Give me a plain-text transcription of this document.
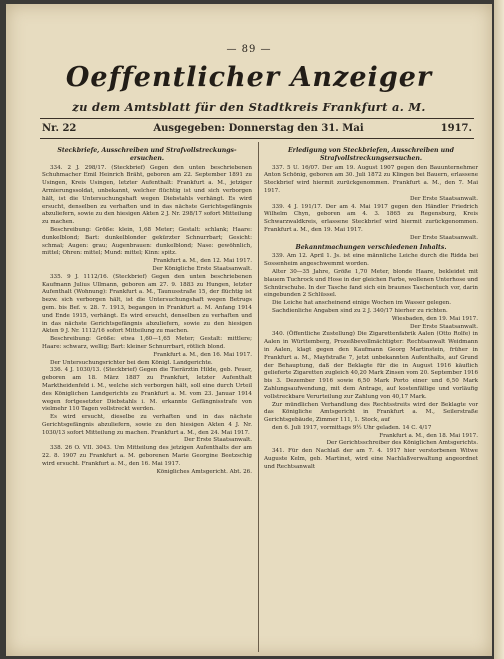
— 89 —
Oeffentlicher Anzeiger
zu dem Amtsblatt für den Stadtkreis Frankfurt a. M.
Nr. 22	Ausgegeben: Donnerstag den 31. Mai	1917.

Steckbriefe, Ausschreiben und Strafvollstreckungs- ersuchen.

334. 2 J. 298/17. (Steckbrief) Gegen den unten beschriebenen Schuhmacher Emil Heinrich Bräht, geboren am 22. September 1891 zu Usingen, Kreis Usingen, letzter Aufenthalt: Frankfurt a. M., jetziger Armierungssoldat, unbekannt, welcher flüchtig ist und sich verborgen hält, ist die Untersuchungshaft wegen Diebstahls verhängt. Es wird ersucht, denselben zu verhaften und in das nächste Gerichtsgefängnis abzuliefern, sowie zu den hiesigen Akten 2 J. Nr. 298/17 sofort Mitteilung zu machen.

Beschreibung: Größe: klein, 1,68 Meter; Gestalt: schlank; Haare: dunkelblond; Bart: dunkelblonder gekürzter Schnurrbart; Gesicht: schmal; Augen: grau; Augenbrauen: dunkelblond; Nase: gewöhnlich, mittel; Ohren: mittel; Mund: mittel; Kinn: spitz.

Frankfurt a. M., den 12. Mai 1917.

Der Königliche Erste Staatsanwalt.

335. 9 J. 1112/16. (Steckbrief) Gegen den unten beschriebenen Kaufmann Julius Ullmann, geboren am 27. 9. 1883 zu Hungen, letzter Aufenthalt (Wohnung): Frankfurt a. M., Taunusstraße 15, der flüchtig ist bezw. sich verborgen hält, ist die Untersuchungshaft wegen Betrugs gem. bis Bef. v. 28. 7. 1913, begangen in Frankfurt a. M. Anfang 1914 und Ende 1915, verhängt. Es wird ersucht, denselben zu verhaften und in das nächste Gerichtsgefängnis abzuliefern, sowie zu den hiesigen Akten 9 J. Nr. 1112/16 sofort Mitteilung zu machen.

Beschreibung: Größe: etwa 1,60—1,65 Meter; Gestalt: mittlere; Haare: schwarz, wellig; Bart: kleiner Schnurrbart, rötlich blond.

Frankfurt a. M., den 16. Mai 1917.

Der Untersuchungsrichter bei dem Königl. Landgerichte.

336. 4 J. 1030/13. (Steckbrief) Gegen die Tierärztin Hilde, geb. Feuer, geboren am 18. März 1887 zu Frankfurt, letzter Aufenthalt Marktheidenfeld i. M., welche sich verborgen hält, soll eine durch Urteil des Königlichen Landgerichts zu Frankfurt a. M. vom 23. Januar 1914 wegen fortgesetzter Diebstahls i. M. erkannte Gefängnisstrafe von vielmehr 110 Tagen vollstreckt werden.

Es wird ersucht, dieselbe zu verhaften und in das nächste Gerichtsgefängnis abzuliefern, sowie zu den hiesigen Akten 4 J. Nr. 1030/13 sofort Mitteilung zu machen. Frankfurt a. M., den 24. Mai 1917.

Der Erste Staatsanwalt.

338. 26 O. VII. 3043. Um Mitteilung des jetzigen Aufenthalts der am 22. 8. 1907 zu Frankfurt a. M. geborenen Marie Georgine Beetzschig wird ersucht. Frankfurt a. M., den 16. Mai 1917.

Königliches Amtsgericht. Abt. 26.

Erledigung von Steckbriefen, Ausschreiben und Strafvollstreckungsersuchen.

337. 5 U. 16/07. Der am 19. August 1907 gegen den Bauunternehmer Anton Schönig, geboren am 30. Juli 1872 zu Klingen bei Bauern, erlassene Steckbrief wird hiermit zurückgenommen. Frankfurt a. M., den 7. Mai 1917.

Der Erste Staatsanwalt.

339. 4 J. 191/17. Der am 4. Mai 1917 gegen den Händler Friedrich Wilhelm Chyn, geboren am 4. 3. 1865 zu Regensburg, Kreis Schwarzwaldkreis, erlassene Steckbrief wird hiermit zurückgenommen. Frankfurt a. M., den 19. Mai 1917.

Der Erste Staatsanwalt.

Bekanntmachungen verschiedenen Inhalts.

339. Am 12. April 1. Js. ist eine männliche Leiche durch die Ridda bei Sossenheim angeschwemmt worden.

Alter 30—35 Jahre, Größe 1,70 Meter, blonde Haare, bekleidet mit blauem Tuchrock und Hose in der gleichen Farbe, wollenen Unterhose und Schnürschuhe. In der Tasche fand sich ein braunes Taschentuch vor, darin eingebunden 2 Schlüssel.

Die Leiche hat anscheinend einige Wochen im Wasser gelegen.

Sachdienliche Angaben sind zu 2 J. 340/17 hierher zu richten.

Wiesbaden, den 19. Mai 1917.

Der Erste Staatsanwalt.

340. (Öffentliche Zustellung) Die Zigarettenfabrik Aalen (Otto Rolfe) in Aalen in Württemberg, Prozeßbevollmächtigter: Rechtsanwalt Weidmann in Aalen, klagt gegen den Kaufmann Georg Martinstein, früher in Frankfurt a. M., Mayfstraße 7, jetzt unbekannten Aufenthalts, auf Grund der Behauptung, daß der Beklagte für die in August 1916 käuflich gelieferte Zigaretten zugleich 40,20 Mark Zinsen vom 20. September 1916 bis 3. Dezember 1916 sowie 6,50 Mark Porto einer und 6,50 Mark Zahlungsaufwendung, mit dem Antrage, auf kostenfällige und vorläufig vollstreckbare Verurteilung zur Zahlung von 40,17 Mark.

Zur mündlichen Verhandlung des Rechtsstreits wird der Beklagte vor das Königliche Amtsgericht in Frankfurt a. M., Seilerstraße Gerichtsgebäude, Zimmer 111, 1. Stock, auf

den 6. Juli 1917, vormittags 9½ Uhr geladen. 14 C. 4/17

Frankfurt a. M., den 18. Mai 1917.

Der Gerichtsschreiber des Königlichen Amtsgerichts.

341. Für den Nachlaß der am 7. 4. 1917 hier verstorbenen Witwe Auguste Kelm, geb. Martinet, wird eine Nachlaßverwaltung angeordnet und Rechtsanwalt
